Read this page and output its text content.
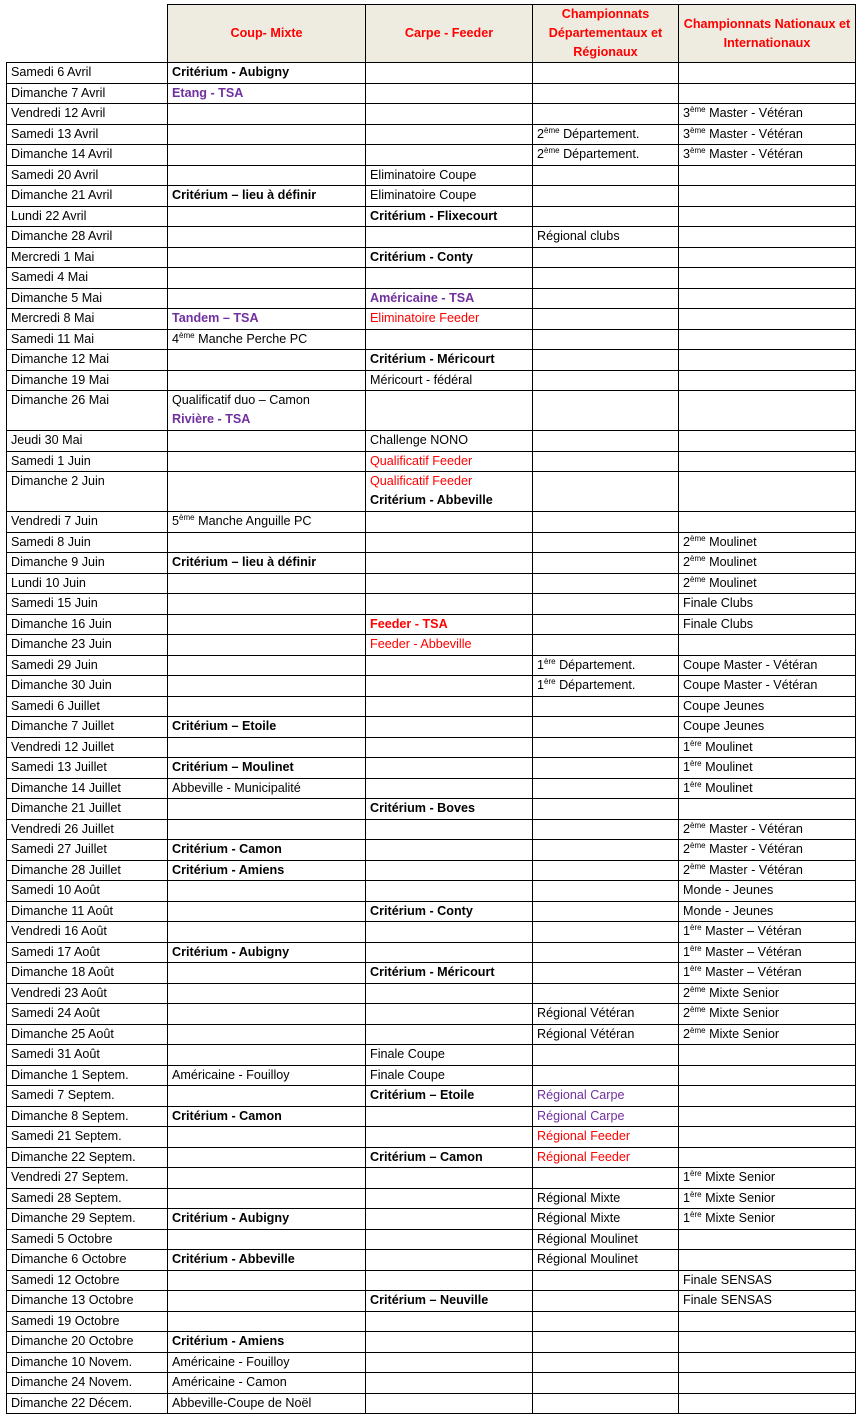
	Coup- Mixte	Carpe - Feeder	Championnats Départementaux et Régionaux	Championnats Nationaux et Internationaux
Samedi 6 Avril	Critérium - Aubigny			

Dimanche 7 Avril	Etang - TSA			

Vendredi 12 Avril				3ème Master - Vétéran

Samedi 13 Avril			2ème Département.	3ème Master - Vétéran

Dimanche 14 Avril			2ème Département.	3ème Master - Vétéran

Samedi 20 Avril		Eliminatoire Coupe		

Dimanche 21 Avril	Critérium – lieu à définir	Eliminatoire Coupe		

Lundi 22 Avril		Critérium - Flixecourt		

Dimanche 28 Avril			Régional clubs	

Mercredi 1 Mai		Critérium - Conty		

Samedi 4 Mai				
Dimanche 5 Mai		Américaine - TSA		

Mercredi 8 Mai	Tandem – TSA	Eliminatoire Feeder		

Samedi 11 Mai	4ème Manche Perche PC			

Dimanche 12 Mai		Critérium - Méricourt		

Dimanche 19 Mai		Méricourt - fédéral		

Dimanche 26 Mai	Qualificatif duo – Camon
Rivière - TSA			

Jeudi 30 Mai		Challenge NONO		

Samedi 1 Juin		Qualificatif Feeder		

Dimanche 2 Juin		Qualificatif Feeder
Critérium - Abbeville		

Vendredi 7 Juin	5ème Manche Anguille PC			

Samedi 8 Juin				2ème Moulinet

Dimanche 9 Juin	Critérium – lieu à définir			2ème Moulinet

Lundi 10 Juin				2ème Moulinet

Samedi 15 Juin				Finale Clubs

Dimanche 16 Juin		Feeder - TSA		Finale Clubs

Dimanche 23 Juin		Feeder - Abbeville		

Samedi 29 Juin			1ère Département.	Coupe Master - Vétéran

Dimanche 30 Juin			1ère Département.	Coupe Master - Vétéran

Samedi 6 Juillet				Coupe Jeunes

Dimanche 7 Juillet	Critérium – Etoile			Coupe Jeunes

Vendredi 12 Juillet				1ère Moulinet

Samedi 13 Juillet	Critérium – Moulinet			1ère Moulinet

Dimanche 14 Juillet	Abbeville - Municipalité			1ère Moulinet

Dimanche 21 Juillet		Critérium - Boves		

Vendredi 26 Juillet				2ème Master - Vétéran

Samedi 27 Juillet	Critérium - Camon			2ème Master - Vétéran

Dimanche 28 Juillet	Critérium - Amiens			2ème Master - Vétéran

Samedi 10 Août				Monde - Jeunes

Dimanche 11 Août		Critérium - Conty		Monde - Jeunes

Vendredi 16 Août				1ère Master – Vétéran

Samedi 17 Août	Critérium - Aubigny			1ère Master – Vétéran

Dimanche 18 Août		Critérium - Méricourt		1ère Master – Vétéran

Vendredi 23 Août				2ème Mixte Senior

Samedi 24 Août			Régional Vétéran	2ème Mixte Senior

Dimanche 25 Août			Régional Vétéran	2ème Mixte Senior

Samedi 31 Août		Finale Coupe		

Dimanche 1 Septem.	Américaine - Fouilloy	Finale Coupe		

Samedi 7 Septem.		Critérium – Etoile	Régional Carpe	

Dimanche 8 Septem.	Critérium - Camon		Régional Carpe	

Samedi 21 Septem.			Régional Feeder	

Dimanche 22 Septem.		Critérium – Camon	Régional Feeder	

Vendredi 27 Septem.				1ère Mixte Senior

Samedi 28 Septem.			Régional Mixte	1ère Mixte Senior

Dimanche 29 Septem.	Critérium - Aubigny		Régional Mixte	1ère Mixte Senior

Samedi 5 Octobre			Régional Moulinet	

Dimanche 6 Octobre	Critérium - Abbeville		Régional Moulinet	

Samedi 12 Octobre				Finale SENSAS

Dimanche 13 Octobre		Critérium – Neuville		Finale SENSAS

Samedi 19 Octobre				
Dimanche 20 Octobre	Critérium - Amiens			

Dimanche 10 Novem.	Américaine - Fouilloy			

Dimanche 24 Novem.	Américaine - Camon			

Dimanche 22 Décem.	Abbeville-Coupe de Noël			
